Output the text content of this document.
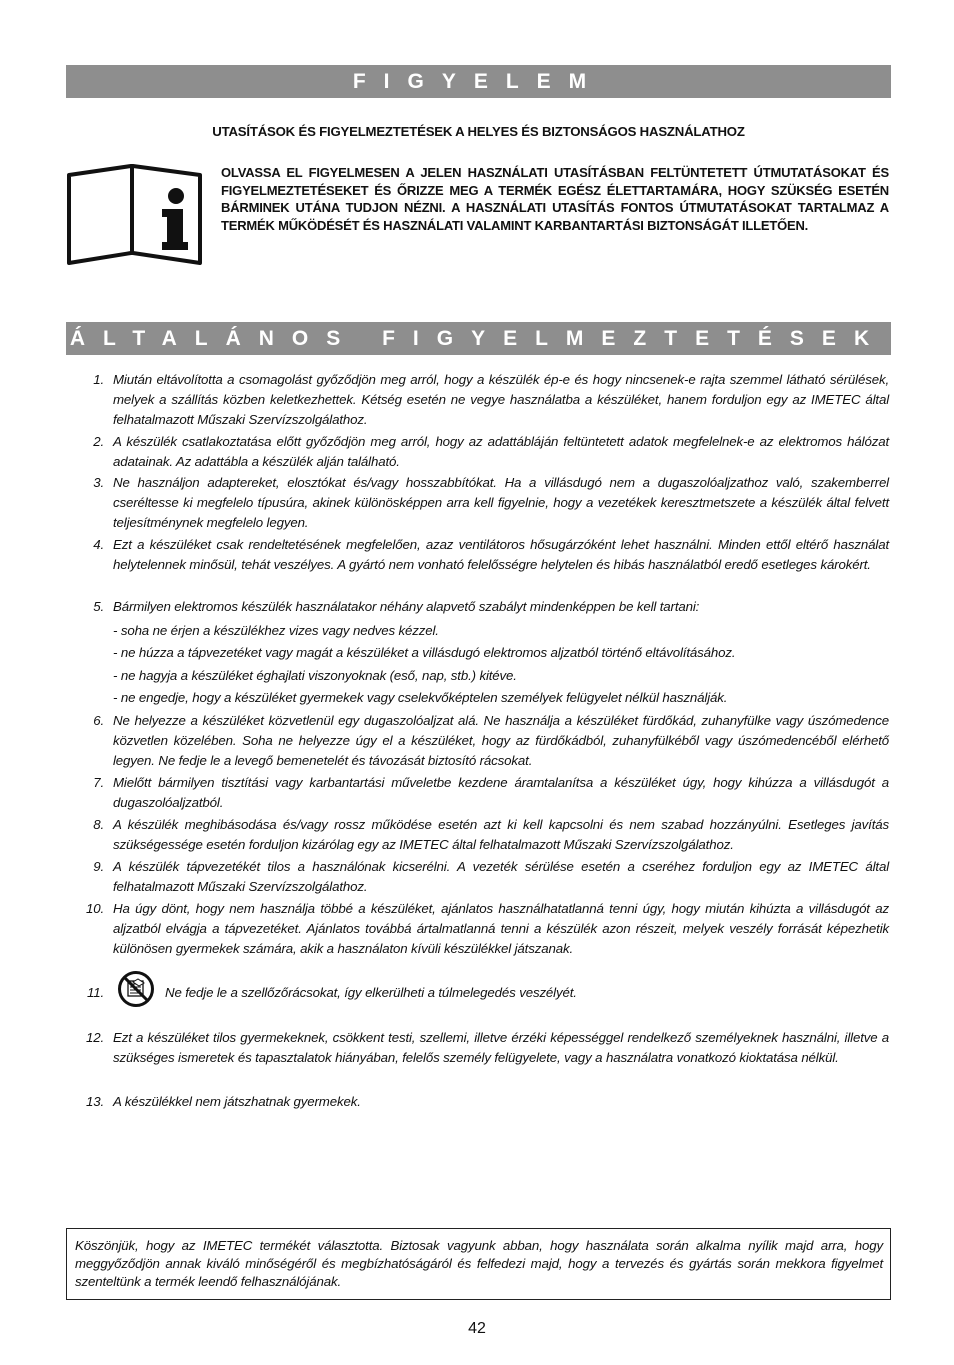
FIGYELEM
UTASÍTÁSOK ÉS FIGYELMEZTETÉSEK A HELYES ÉS BIZTONSÁGOS HASZNÁLATHOZ
OLVASSA EL FIGYELMESEN A JELEN HASZNÁLATI UTASÍTÁSBAN FELTÜNTETETT ÚTMUTATÁSOKAT ÉS FIGYELMEZTETÉSEKET ÉS ŐRIZZE MEG A TERMÉK EGÉSZ ÉLETTARTAMÁRA, HOGY SZÜKSÉG ESETÉN BÁRMINEK UTÁNA TUDJON NÉZNI. A HASZNÁLATI UTASÍTÁS FONTOS ÚTMUTATÁSOKAT TARTALMAZ A TERMÉK MŰKÖDÉSÉT ÉS HASZNÁLATI VALAMINT KARBANTARTÁSI BIZTONSÁGÁT ILLETŐEN.
ÁLTALÁNOS FIGYELMEZTETÉSEK
1. Miután eltávolította a csomagolást győződjön meg arról, hogy a készülék ép-e és hogy nincsenek-e rajta szemmel látható sérülések, melyek a szállítás közben keletkezhettek. Kétség esetén ne vegye használatba a készüléket, hanem forduljon egy az IMETEC által felhatalmazott Műszaki Szervízszolgálathoz.
2. A készülék csatlakoztatása előtt győződjön meg arról, hogy az adattábláján feltüntetett adatok megfelelnek-e az elektromos hálózat adatainak. Az adattábla a készülék alján található.
3. Ne használjon adaptereket, elosztókat és/vagy hosszabbítókat. Ha a villásdugó nem a dugaszolóaljzathoz való, szakemberrel cseréltesse ki megfelelo típusúra, akinek különösképpen arra kell figyelnie, hogy a vezetékek keresztmetszete a készülék által felvett teljesítménynek megfelelo legyen.
4. Ezt a készüléket csak rendeltetésének megfelelően, azaz ventilátoros hősugárzóként lehet használni. Minden ettől eltérő használat helytelennek minősül, tehát veszélyes. A gyártó nem vonható felelősségre helytelen és hibás használatból eredő esetleges károkért.
5. Bármilyen elektromos készülék használatakor néhány alapvető szabályt mindenképpen be kell tartani:
- soha ne érjen a készülékhez vizes vagy nedves kézzel.
- ne húzza a tápvezetéket vagy magát a készüléket a villásdugó elektromos aljzatból történő eltávolításához.
- ne hagyja a készüléket éghajlati viszonyoknak (eső, nap, stb.) kitéve.
- ne engedje, hogy a készüléket gyermekek vagy cselekvőképtelen személyek felügyelet nélkül használják.
6. Ne helyezze a készüléket közvetlenül egy dugaszolóaljzat alá. Ne használja a készüléket fürdőkád, zuhanyfülke vagy úszómedence közvetlen közelében. Soha ne helyezze úgy el a készüléket, hogy az fürdőkádból, zuhanyfülkéből vagy úszómedencéből elérhető legyen. Ne fedje le a levegő bemenetelét és távozását biztosító rácsokat.
7. Mielőtt bármilyen tisztítási vagy karbantartási műveletbe kezdene áramtalanítsa a készüléket úgy, hogy kihúzza a villásdugót a dugaszolóaljzatból.
8. A készülék meghibásodása és/vagy rossz működése esetén azt ki kell kapcsolni és nem szabad hozzányúlni. Esetleges javítás szükségessége esetén forduljon kizárólag egy az IMETEC által felhatalmazott Műszaki Szervízszolgálathoz.
9. A készülék tápvezetékét tilos a használónak kicserélni. A vezeték sérülése esetén a cseréhez forduljon egy az IMETEC által felhatalmazott Műszaki Szervízszolgálathoz.
10. Ha úgy dönt, hogy nem használja többé a készüléket, ajánlatos használhatatlanná tenni úgy, hogy miután kihúzta a villásdugót az aljzatból elvágja a tápvezetéket. Ajánlatos továbbá ártalmatlanná tenni a készülék azon részeit, melyek veszély forrását képezhetik különösen gyermekek számára, akik a használaton kívüli készülékkel játszanak.
11.	Ne fedje le a szellőzőrácsokat, így elkerülheti a túlmelegedés veszélyét.
12. Ezt a készüléket tilos gyermekeknek, csökkent testi, szellemi, illetve érzéki képességgel rendelkező személyeknek használni, illetve a szükséges ismeretek és tapasztalatok hiányában, felelős személy felügyelete, vagy a használatra vonatkozó kioktatása nélkül.
13. A készülékkel nem játszhatnak gyermekek.
Köszönjük, hogy az IMETEC termékét választotta. Biztosak vagyunk abban, hogy használata során alkalma nyílik majd arra, hogy meggyőződjön annak kiváló minőségéről és megbízhatóságáról és felfedezi majd, hogy a tervezés és gyártás során mekkora figyelmet szenteltünk a termék leendő felhasználójának.
42
